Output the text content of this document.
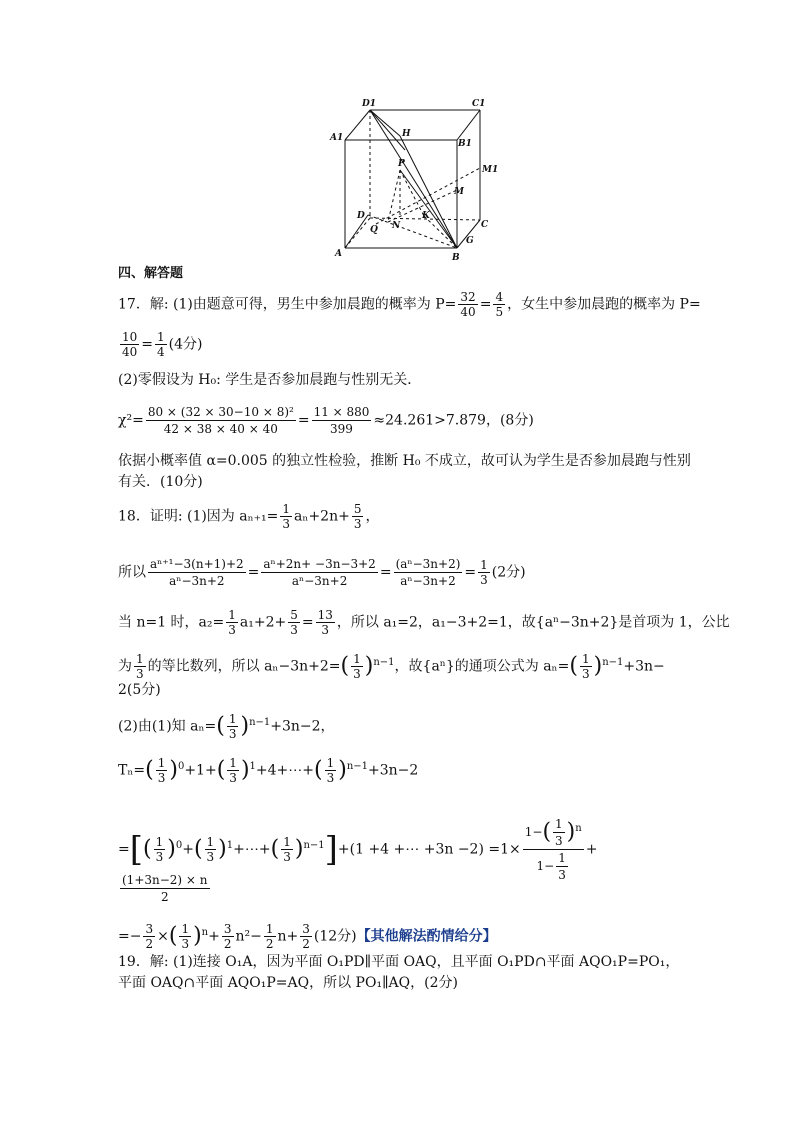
D1	C1
A1	H
B1
P
M1
M
D
N
K
C
Q
A
G
B
四、解答题
17．解: (1)由题意可得，男生中参加晨跑的概率为 $P= \frac{32}{40} = \frac{4}{5}$ ，女生中参加晨跑的概率为 P=
$\frac{10}{40} = \frac{1}{4} (4$分)
(2)零假设为 H₀: 学生是否参加晨跑与性别无关．
$\chi^2= \frac{\text{80 × (32 × 30−10 × 8)²}}{42 \times 38 \times 40 \times 40} = \frac{11 \times 880}{399} \approx 24.261>7.879$，(8分)
依据小概率值 α=0.005 的独立性检验，推断 H₀ 不成立，故可认为学生是否参加晨跑与性别
有关．(10分)
18．证明: (1)因为 $a_{n+1}= \frac{1}{3} a_n+2n+ \frac{5}{3}$ ，
所以 $\frac{\text{aⁿ⁺¹−3(n+1)+2}}{\text{aⁿ−3n+2}} = \frac{\text{aⁿ+2n+ −3n−3+2}}{\text{aⁿ−3n+2}} = \frac{\text{(aⁿ−3n+2)}}{\text{aⁿ−3n+2}} = \frac{1}{3} (2$分)
当 n=1 时，$a_2= \frac{1}{3} a_1+2+ \frac{5}{3} = \frac{13}{3}$ ，所以 a₁=2，a₁−3+2=1，故{aⁿ−3n+2}是首项为 1，公比
为 $\frac{1}{3}$ 的等比数列，所以 $a_n-3n+2=( \frac{1}{3} )^{n-1}$，故{aⁿ}的通项公式为 $a_n=( \frac{1}{3} )^{n-1}+3n-$
2(5分)
(2)由(1)知 $a_n=( \frac{1}{3} )^{n-1}+3n-2$，
$T_n=( \frac{1}{3} )^0+1+( \frac{1}{3}$ )$^1+4+\cdots+( \frac{1}{3} )^{n-1}+3n-2$
=[( $\frac{1}{3} )^0+( \frac{1}{3}$ )$^1+\cdots+( \frac{1}{3} )^{n-1}]+(1 +4$ +⋯ $+3n -2) =1\times \frac{1-( \frac{1}{3} )^n}{1- \frac{1}{3}}$ +
$\frac{(1+3n-2) \times n}{2}$
=− $\frac{3}{2}$ ×( $\frac{1}{3} )^n+ \frac{3}{2} n^2- \frac{1}{2} n+ \frac{3}{2} (12$分)【其他解法酌情给分】
19．解: (1)连接 O₁A，因为平面 O₁PD∥平面 OAQ，且平面 O₁PD∩平面 AQO₁P=PO₁，
平面 OAQ∩平面 AQO₁P=AQ，所以 PO₁∥AQ，(2分)
